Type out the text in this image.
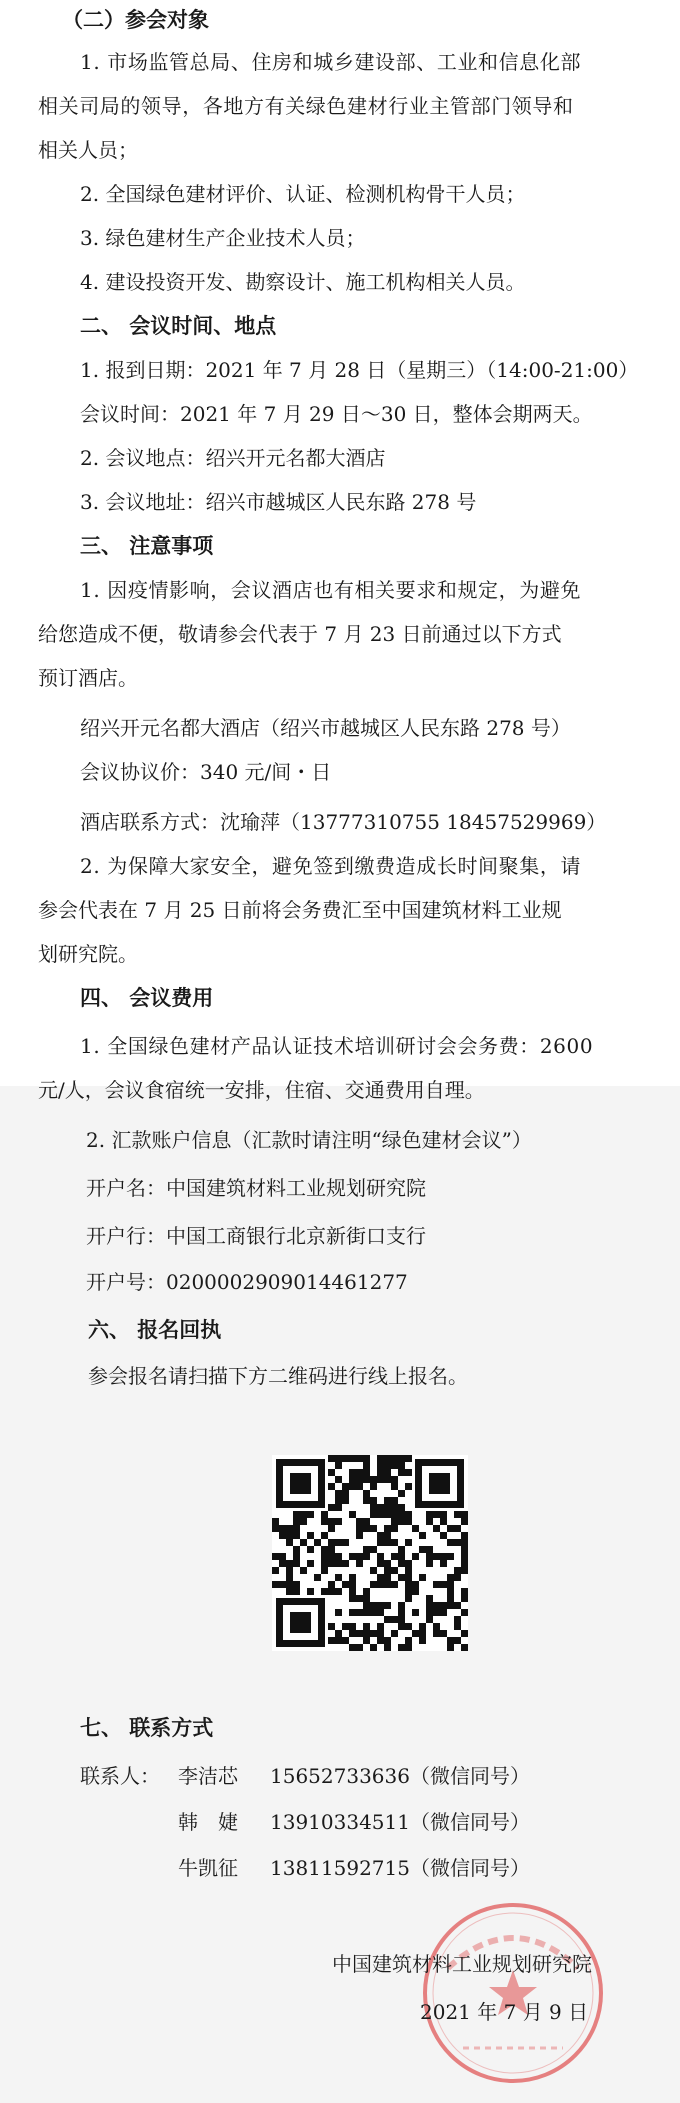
（二）参会对象
1. 市场监管总局、住房和城乡建设部、工业和信息化部
相关司局的领导，各地方有关绿色建材行业主管部门领导和
相关人员；
2. 全国绿色建材评价、认证、检测机构骨干人员；
3. 绿色建材生产企业技术人员；
4. 建设投资开发、勘察设计、施工机构相关人员。
二、 会议时间、地点
1. 报到日期：2021 年 7 月 28 日（星期三）（14:00-21:00）
会议时间：2021 年 7 月 29 日～30 日，整体会期两天。
2. 会议地点：绍兴开元名都大酒店
3. 会议地址：绍兴市越城区人民东路 278 号
三、 注意事项
1. 因疫情影响，会议酒店也有相关要求和规定，为避免
给您造成不便，敬请参会代表于 7 月 23 日前通过以下方式
预订酒店。
绍兴开元名都大酒店（绍兴市越城区人民东路 278 号）
会议协议价：340 元/间・日
酒店联系方式：沈瑜萍（13777310755 18457529969）
2. 为保障大家安全，避免签到缴费造成长时间聚集，请
参会代表在 7 月 25 日前将会务费汇至中国建筑材料工业规
划研究院。
四、 会议费用
1. 全国绿色建材产品认证技术培训研讨会会务费：2600
元/人，会议食宿统一安排，住宿、交通费用自理。
2. 汇款账户信息（汇款时请注明“绿色建材会议”）
开户名：中国建筑材料工业规划研究院
开户行：中国工商银行北京新街口支行
开户号：0200002909014461277
六、 报名回执
参会报名请扫描下方二维码进行线上报名。
七、 联系方式
联系人： 李洁芯 15652733636（微信同号）
韩　婕 13910334511（微信同号）
牛凯征 13811592715（微信同号）
中国建筑材料工业规划研究院
2021 年 7 月 9 日
